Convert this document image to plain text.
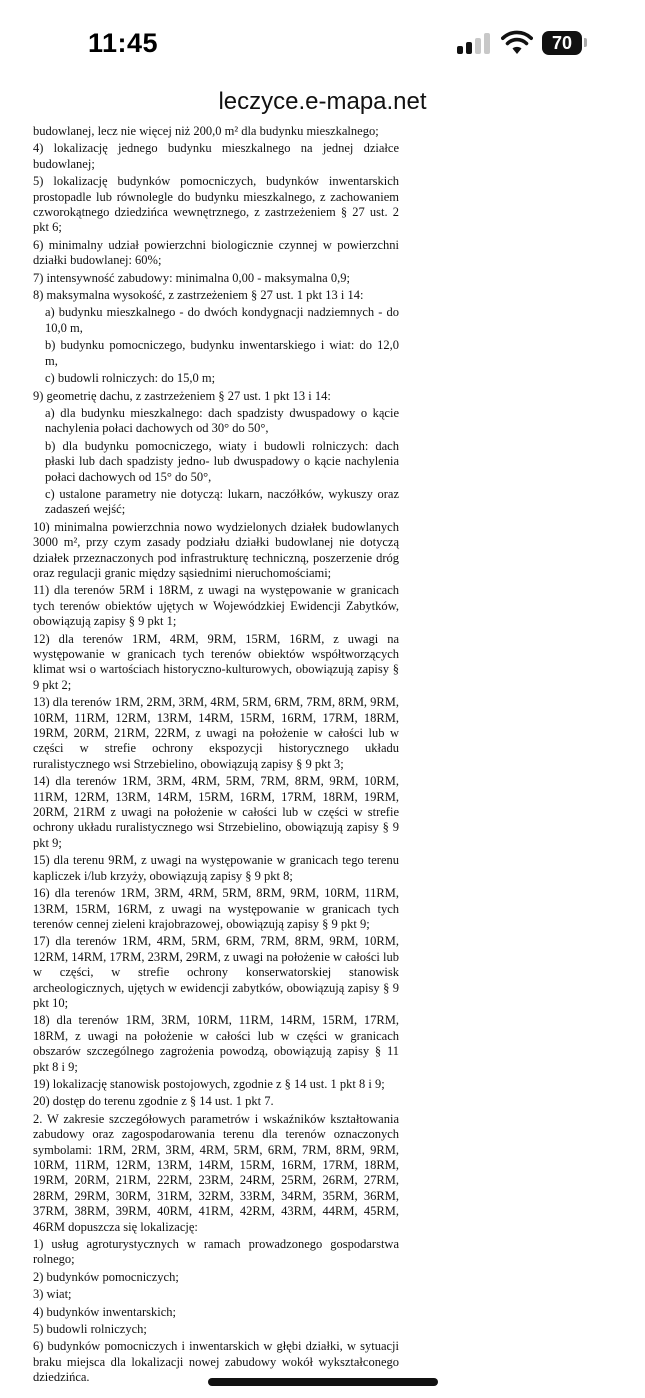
11:45	70
leczyce.e-mapa.net

budowlanej, lecz nie więcej niż 200,0 m² dla budynku mieszkalnego;

4) lokalizację jednego budynku mieszkalnego na jednej działce budowlanej;

5) lokalizację budynków pomocniczych, budynków inwentarskich prostopadle lub równolegle do budynku mieszkalnego, z zachowaniem czworokątnego dziedzińca wewnętrznego, z zastrzeżeniem § 27 ust. 2 pkt 6;

6) minimalny udział powierzchni biologicznie czynnej w powierzchni działki budowlanej: 60%;

7) intensywność zabudowy: minimalna 0,00 - maksymalna 0,9;

8) maksymalna wysokość, z zastrzeżeniem § 27 ust. 1 pkt 13 i 14:

a) budynku mieszkalnego - do dwóch kondygnacji nadziemnych - do 10,0 m,

b) budynku pomocniczego, budynku inwentarskiego i wiat: do 12,0 m,

c) budowli rolniczych: do 15,0 m;

9) geometrię dachu, z zastrzeżeniem § 27 ust. 1 pkt 13 i 14:

a) dla budynku mieszkalnego: dach spadzisty dwuspadowy o kącie nachylenia połaci dachowych od 30° do 50°,

b) dla budynku pomocniczego, wiaty i budowli rolniczych: dach płaski lub dach spadzisty jedno- lub dwuspadowy o kącie nachylenia połaci dachowych od 15° do 50°,

c) ustalone parametry nie dotyczą: lukarn, naczółków, wykuszy oraz zadaszeń wejść;

10) minimalna powierzchnia nowo wydzielonych działek budowlanych 3000 m², przy czym zasady podziału działki budowlanej nie dotyczą działek przeznaczonych pod infrastrukturę techniczną, poszerzenie dróg oraz regulacji granic między sąsiednimi nieruchomościami;

11) dla terenów 5RM i 18RM, z uwagi na występowanie w granicach tych terenów obiektów ujętych w Wojewódzkiej Ewidencji Zabytków, obowiązują zapisy § 9 pkt 1;

12) dla terenów 1RM, 4RM, 9RM, 15RM, 16RM, z uwagi na występowanie w granicach tych terenów obiektów współtworzących klimat wsi o wartościach historyczno-kulturowych, obowiązują zapisy § 9 pkt 2;

13) dla terenów 1RM, 2RM, 3RM, 4RM, 5RM, 6RM, 7RM, 8RM, 9RM, 10RM, 11RM, 12RM, 13RM, 14RM, 15RM, 16RM, 17RM, 18RM, 19RM, 20RM, 21RM, 22RM, z uwagi na położenie w całości lub w części w strefie ochrony ekspozycji historycznego układu ruralistycznego wsi Strzebielino, obowiązują zapisy § 9 pkt 3;

14) dla terenów 1RM, 3RM, 4RM, 5RM, 7RM, 8RM, 9RM, 10RM, 11RM, 12RM, 13RM, 14RM, 15RM, 16RM, 17RM, 18RM, 19RM, 20RM, 21RM z uwagi na położenie w całości lub w części w strefie ochrony układu ruralistycznego wsi Strzebielino, obowiązują zapisy § 9 pkt 9;

15) dla terenu 9RM, z uwagi na występowanie w granicach tego terenu kapliczek i/lub krzyży, obowiązują zapisy § 9 pkt 8;

16) dla terenów 1RM, 3RM, 4RM, 5RM, 8RM, 9RM, 10RM, 11RM, 13RM, 15RM, 16RM, z uwagi na występowanie w granicach tych terenów cennej zieleni krajobrazowej, obowiązują zapisy § 9 pkt 9;

17) dla terenów 1RM, 4RM, 5RM, 6RM, 7RM, 8RM, 9RM, 10RM, 12RM, 14RM, 17RM, 23RM, 29RM, z uwagi na położenie w całości lub w części, w strefie ochrony konserwatorskiej stanowisk archeologicznych, ujętych w ewidencji zabytków, obowiązują zapisy § 9 pkt 10;

18) dla terenów 1RM, 3RM, 10RM, 11RM, 14RM, 15RM, 17RM, 18RM, z uwagi na położenie w całości lub w części w granicach obszarów szczególnego zagrożenia powodzą, obowiązują zapisy § 11 pkt 8 i 9;

19) lokalizację stanowisk postojowych, zgodnie z § 14 ust. 1 pkt 8 i 9;

20) dostęp do terenu zgodnie z § 14 ust. 1 pkt 7.

2. W zakresie szczegółowych parametrów i wskaźników kształtowania zabudowy oraz zagospodarowania terenu dla terenów oznaczonych symbolami: 1RM, 2RM, 3RM, 4RM, 5RM, 6RM, 7RM, 8RM, 9RM, 10RM, 11RM, 12RM, 13RM, 14RM, 15RM, 16RM, 17RM, 18RM, 19RM, 20RM, 21RM, 22RM, 23RM, 24RM, 25RM, 26RM, 27RM, 28RM, 29RM, 30RM, 31RM, 32RM, 33RM, 34RM, 35RM, 36RM, 37RM, 38RM, 39RM, 40RM, 41RM, 42RM, 43RM, 44RM, 45RM, 46RM dopuszcza się lokalizację:

1) usług agroturystycznych w ramach prowadzonego gospodarstwa rolnego;

2) budynków pomocniczych;

3) wiat;

4) budynków inwentarskich;

5) budowli rolniczych;

6) budynków pomocniczych i inwentarskich w głębi działki, w sytuacji braku miejsca dla lokalizacji nowej zabudowy wokół wykształconego dziedzińca.
